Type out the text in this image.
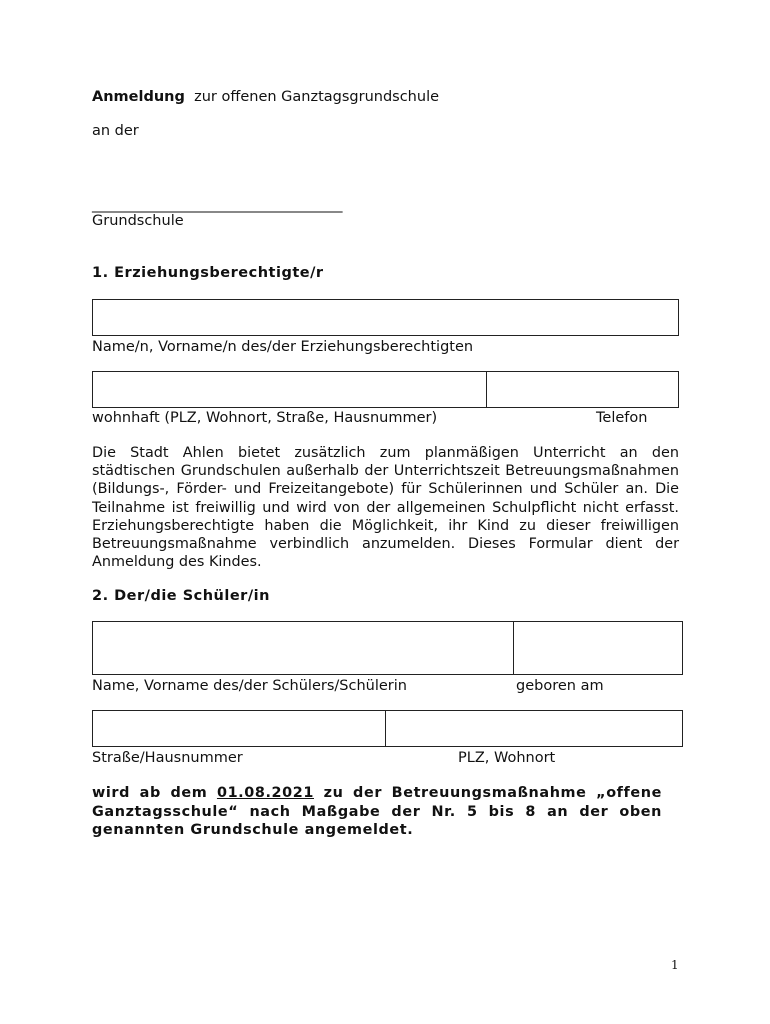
Anmeldung zur offenen Ganztagsgrundschule
an der
____________________________________
Grundschule
1. Erziehungsberechtigte/r
Name/n, Vorname/n des/der Erziehungsberechtigten
wohnhaft (PLZ, Wohnort, Straße, Hausnummer)	Telefon
Die Stadt Ahlen bietet zusätzlich zum planmäßigen Unterricht an den städtischen Grundschulen außerhalb der Unterrichtszeit Betreuungsmaßnahmen (Bildungs-, Förder- und Freizeitangebote) für Schülerinnen und Schüler an. Die Teilnahme ist freiwillig und wird von der allgemeinen Schulpflicht nicht erfasst. Erziehungsberechtigte haben die Möglichkeit, ihr Kind zu dieser freiwilligen Betreuungsmaßnahme verbindlich anzumelden. Dieses Formular dient der Anmeldung des Kindes.
2. Der/die Schüler/in
Name, Vorname des/der Schülers/Schülerin	geboren am
Straße/Hausnummer	PLZ, Wohnort
wird ab dem 01.08.2021 zu der Betreuungsmaßnahme „offene Ganztagsschule“ nach Maßgabe der Nr. 5 bis 8 an der oben genannten Grundschule angemeldet.
1
